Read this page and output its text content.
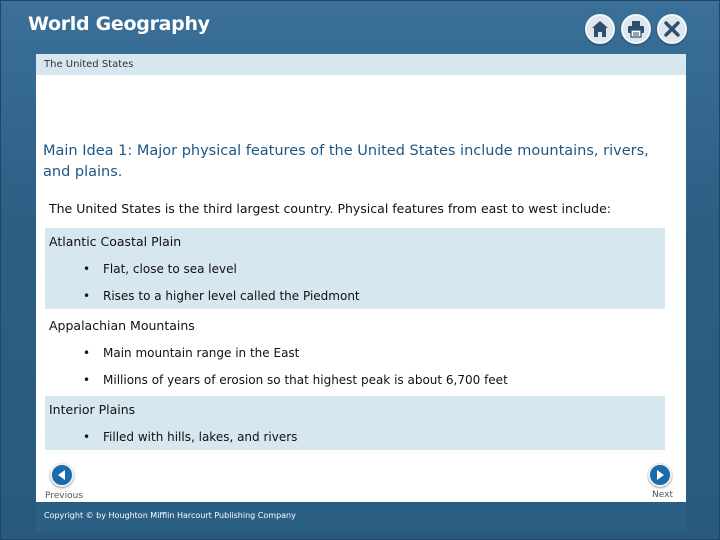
World Geography
The United States
Main Idea 1: Major physical features of the United States include mountains, rivers, and plains.
The United States is the third largest country. Physical features from east to west include:
Atlantic Coastal Plain
•	Flat, close to sea level
•	Rises to a higher level called the Piedmont
Appalachian Mountains
•	Main mountain range in the East
•	Millions of years of erosion so that highest peak is about 6,700 feet
Interior Plains
•	Filled with hills, lakes, and rivers
Previous	Next
Copyright © by Houghton Mifflin Harcourt Publishing Company
